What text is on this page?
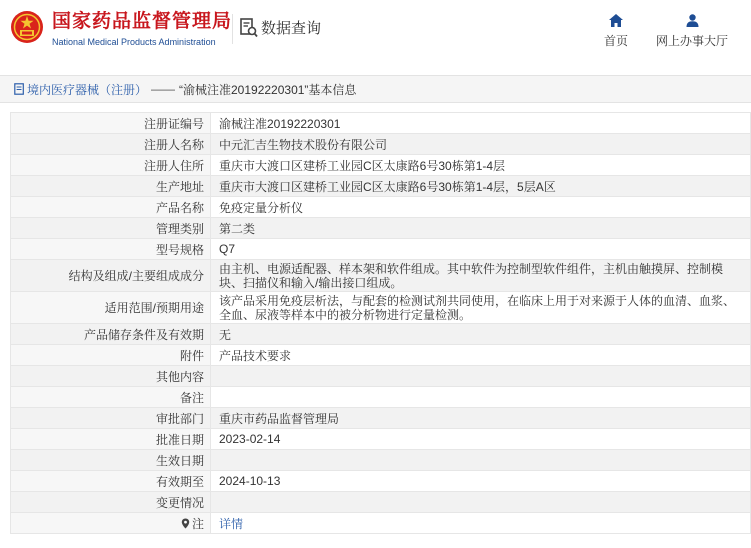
国家药品监督管理局
National Medical Products Administration
数据查询
首页	网上办事大厅
境内医疗器械（注册） —— “渝械注准20192220301”基本信息
注册证编号	渝械注准20192220301
注册人名称	中元汇吉生物技术股份有限公司
注册人住所	重庆市大渡口区建桥工业园C区太康路6号30栋第1-4层
生产地址	重庆市大渡口区建桥工业园C区太康路6号30栋第1-4层，5层A区
产品名称	免疫定量分析仪
管理类别	第二类
型号规格	Q7
结构及组成/主要组成成分	由主机、电源适配器、样本架和软件组成。其中软件为控制型软件组件，主机由触摸屏、控制模块、扫描仪和输入/输出接口组成。
适用范围/预期用途	该产品采用免疫层析法，与配套的检测试剂共同使用，在临床上用于对来源于人体的血清、血浆、全血、尿液等样本中的被分析物进行定量检测。
产品储存条件及有效期	无
附件	产品技术要求
其他内容	
备注	
审批部门	重庆市药品监督管理局
批准日期	2023-02-14
生效日期	
有效期至	2024-10-13
变更情况	

注	详情
